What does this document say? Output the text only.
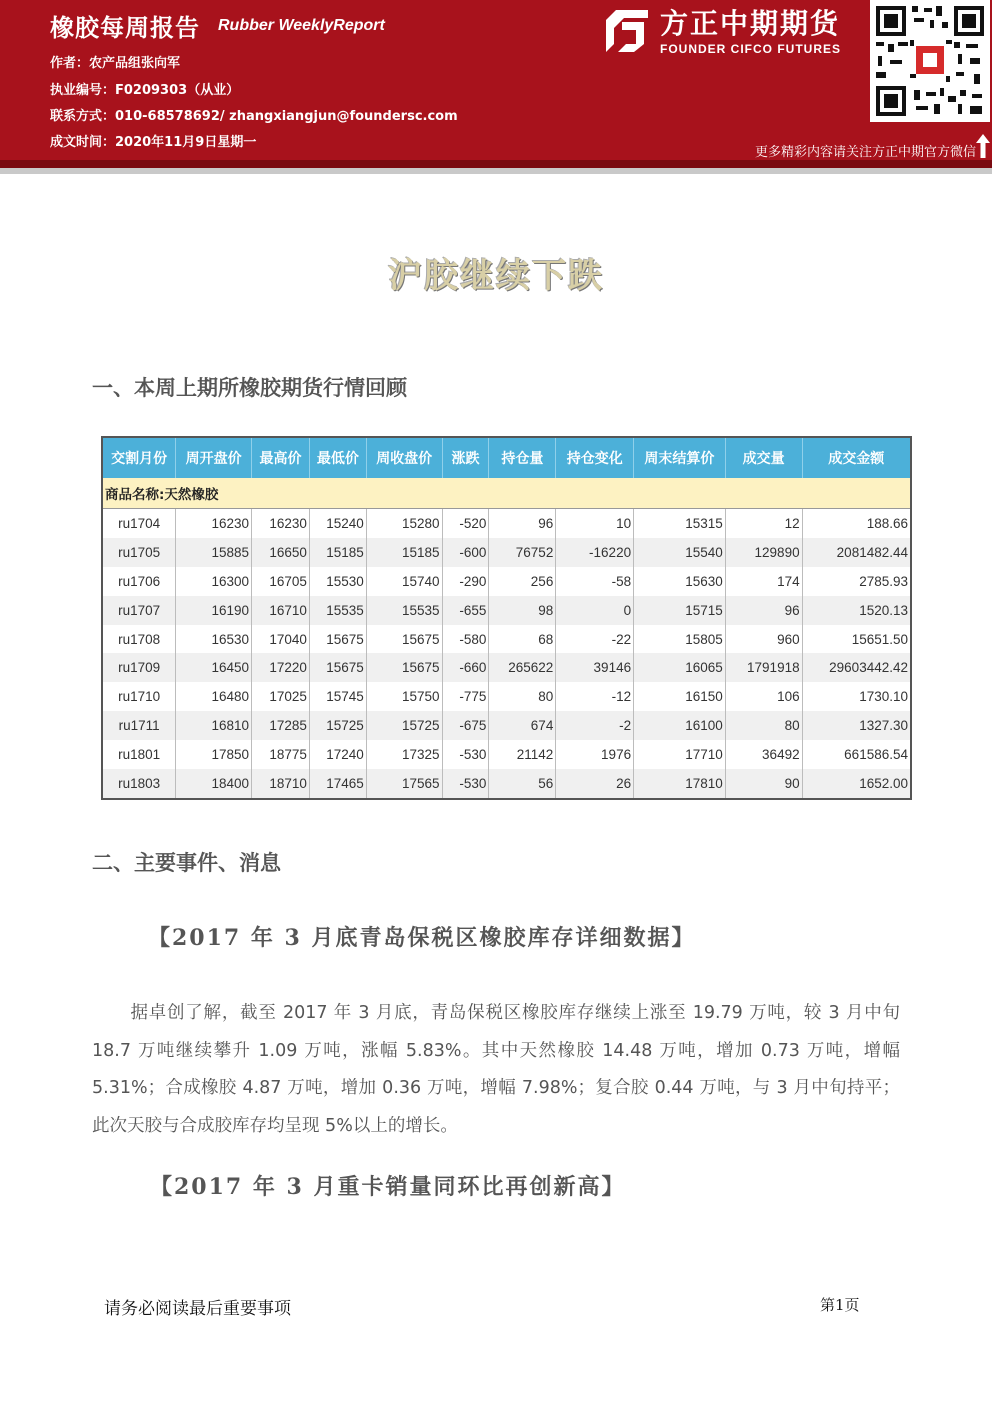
橡胶每周报告 Rubber WeeklyReport
作者：农产品组张向军
执业编号：F0209303（从业）
联系方式：010-68578692/ zhangxiangjun@foundersc.com
成文时间：2020年11月9日星期一
方正中期期货
FOUNDER CIFCO FUTURES
更多精彩内容请关注方正中期官方微信
沪胶继续下跌
一、本周上期所橡胶期货行情回顾
交割月份	周开盘价	最高价	最低价	周收盘价	涨跌	持仓量	持仓变化	周末结算价	成交量	成交金额
商品名称:天然橡胶										
ru1704	16230	16230	15240	15280	-520	96	10	15315	12	188.66
ru1705	15885	16650	15185	15185	-600	76752	-16220	15540	129890	2081482.44
ru1706	16300	16705	15530	15740	-290	256	-58	15630	174	2785.93
ru1707	16190	16710	15535	15535	-655	98	0	15715	96	1520.13
ru1708	16530	17040	15675	15675	-580	68	-22	15805	960	15651.50
ru1709	16450	17220	15675	15675	-660	265622	39146	16065	1791918	29603442.42
ru1710	16480	17025	15745	15750	-775	80	-12	16150	106	1730.10
ru1711	16810	17285	15725	15725	-675	674	-2	16100	80	1327.30
ru1801	17850	18775	17240	17325	-530	21142	1976	17710	36492	661586.54
ru1803	18400	18710	17465	17565	-530	56	26	17810	90	1652.00
二、主要事件、消息
【2017 年 3 月底青岛保税区橡胶库存详细数据】
据卓创了解，截至 2017 年 3 月底，青岛保税区橡胶库存继续上涨至 19.79 万吨，较 3 月中旬 18.7 万吨继续攀升 1.09 万吨，涨幅 5.83%。其中天然橡胶 14.48 万吨，增加 0.73 万吨，增幅 5.31%；合成橡胶 4.87 万吨，增加 0.36 万吨，增幅 7.98%；复合胶 0.44 万吨，与 3 月中旬持平；此次天胶与合成胶库存均呈现 5%以上的增长。
【2017 年 3 月重卡销量同环比再创新高】
请务必阅读最后重要事项	第1页
